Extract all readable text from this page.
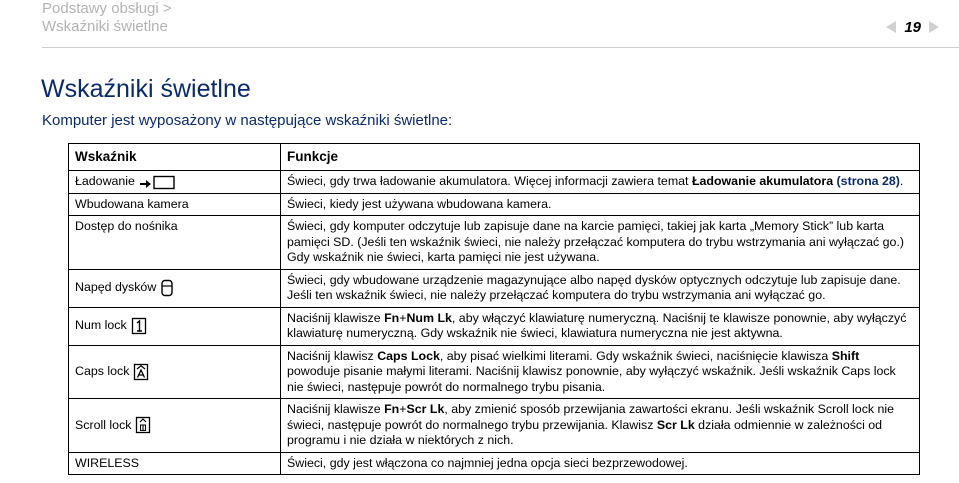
Podstawy obsługi >
Wskaźniki świetlne	19
Wskaźniki świetlne
Komputer jest wyposażony w następujące wskaźniki świetlne:
Wskaźnik	Funkcje

Ładowanie	Świeci, gdy trwa ładowanie akumulatora. Więcej informacji zawiera temat Ładowanie akumulatora (strona 28).
Wbudowana kamera	Świeci, kiedy jest używana wbudowana kamera.
Dostęp do nośnika	Świeci, gdy komputer odczytuje lub zapisuje dane na karcie pamięci, takiej jak karta „Memory Stick” lub karta pamięci SD. (Jeśli ten wskaźnik świeci, nie należy przełączać komputera do trybu wstrzymania ani wyłączać go.) Gdy wskaźnik nie świeci, karta pamięci nie jest używana.

Napęd dysków	Świeci, gdy wbudowane urządzenie magazynujące albo napęd dysków optycznych odczytuje lub zapisuje dane. Jeśli ten wskaźnik świeci, nie należy przełączać komputera do trybu wstrzymania ani wyłączać go.

Num lock	Naciśnij klawisze Fn+Num Lk, aby włączyć klawiaturę numeryczną. Naciśnij te klawisze ponownie, aby wyłączyć klawiaturę numeryczną. Gdy wskaźnik nie świeci, klawiatura numeryczna nie jest aktywna.

Caps lock	Naciśnij klawisz Caps Lock, aby pisać wielkimi literami. Gdy wskaźnik świeci, naciśnięcie klawisza Shift powoduje pisanie małymi literami. Naciśnij klawisz ponownie, aby wyłączyć wskaźnik. Jeśli wskaźnik Caps lock nie świeci, następuje powrót do normalnego trybu pisania.

Scroll lock	Naciśnij klawisze Fn+Scr Lk, aby zmienić sposób przewijania zawartości ekranu. Jeśli wskaźnik Scroll lock nie świeci, następuje powrót do normalnego trybu przewijania. Klawisz Scr Lk działa odmiennie w zależności od programu i nie działa w niektórych z nich.
WIRELESS	Świeci, gdy jest włączona co najmniej jedna opcja sieci bezprzewodowej.
